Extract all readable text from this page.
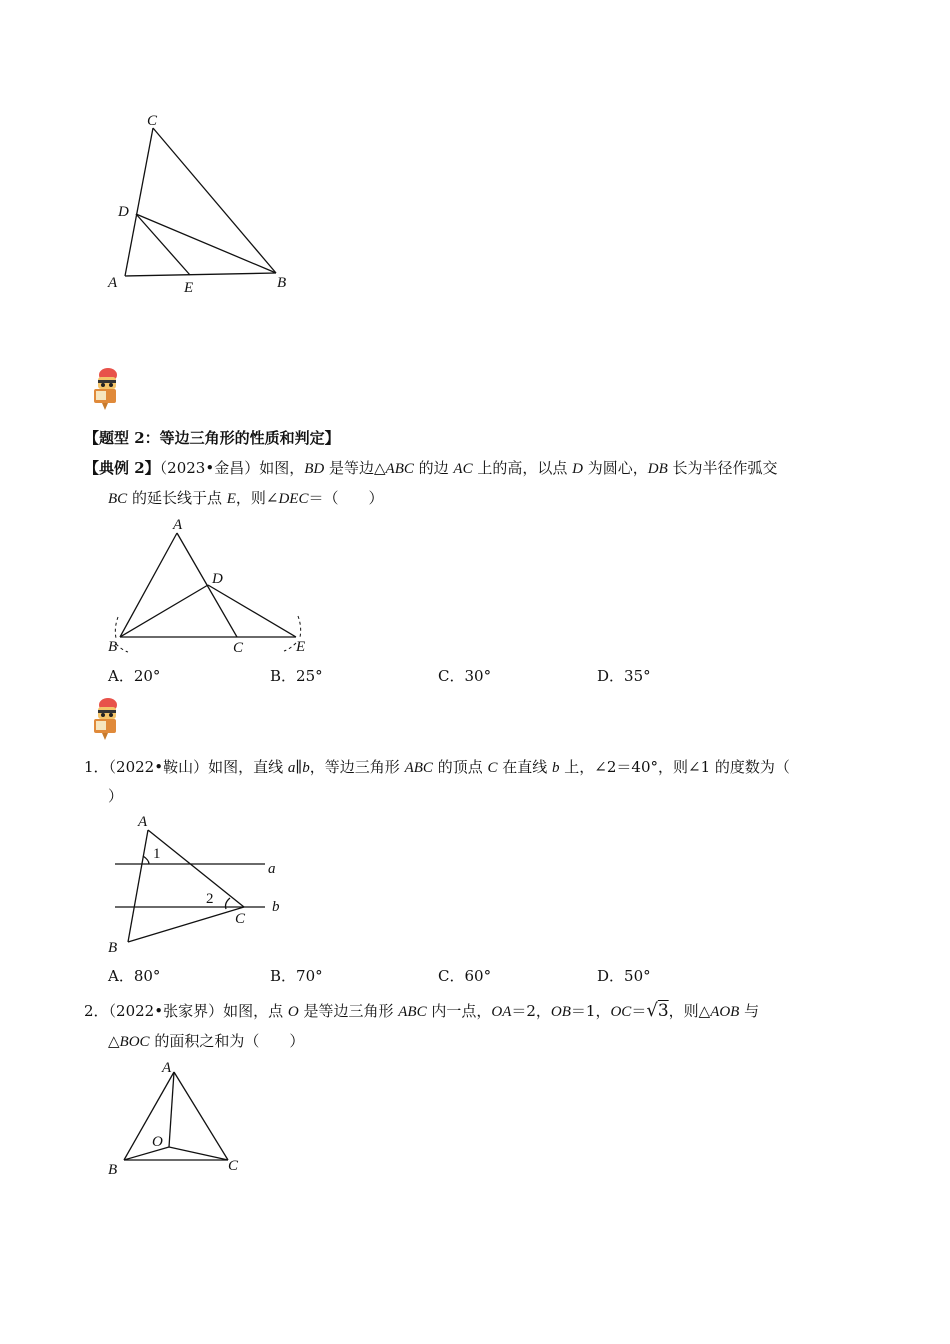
C
D
A	E	B
【题型 2：等边三角形的性质和判定】
【典例 2】（2023•金昌）如图，BD 是等边△ABC 的边 AC 上的高，以点 D 为圆心，DB 长为半径作弧交
BC 的延长线于点 E，则∠DEC＝（　　）
A
D
B	C	E
A．20°	B．25°	C．30°	D．35°
1．（2022•鞍山）如图，直线 a∥b，等边三角形 ABC 的顶点 C 在直线 b 上，∠2＝40°，则∠1 的度数为（
）
A
1
a
2	b
C
B
A．80°	B．70°	C．60°	D．50°
2．（2022•张家界）如图，点 O 是等边三角形 ABC 内一点，OA＝2，OB＝1，OC＝√3，则△AOB 与
△BOC 的面积之和为（　　）
A
O
B	C
